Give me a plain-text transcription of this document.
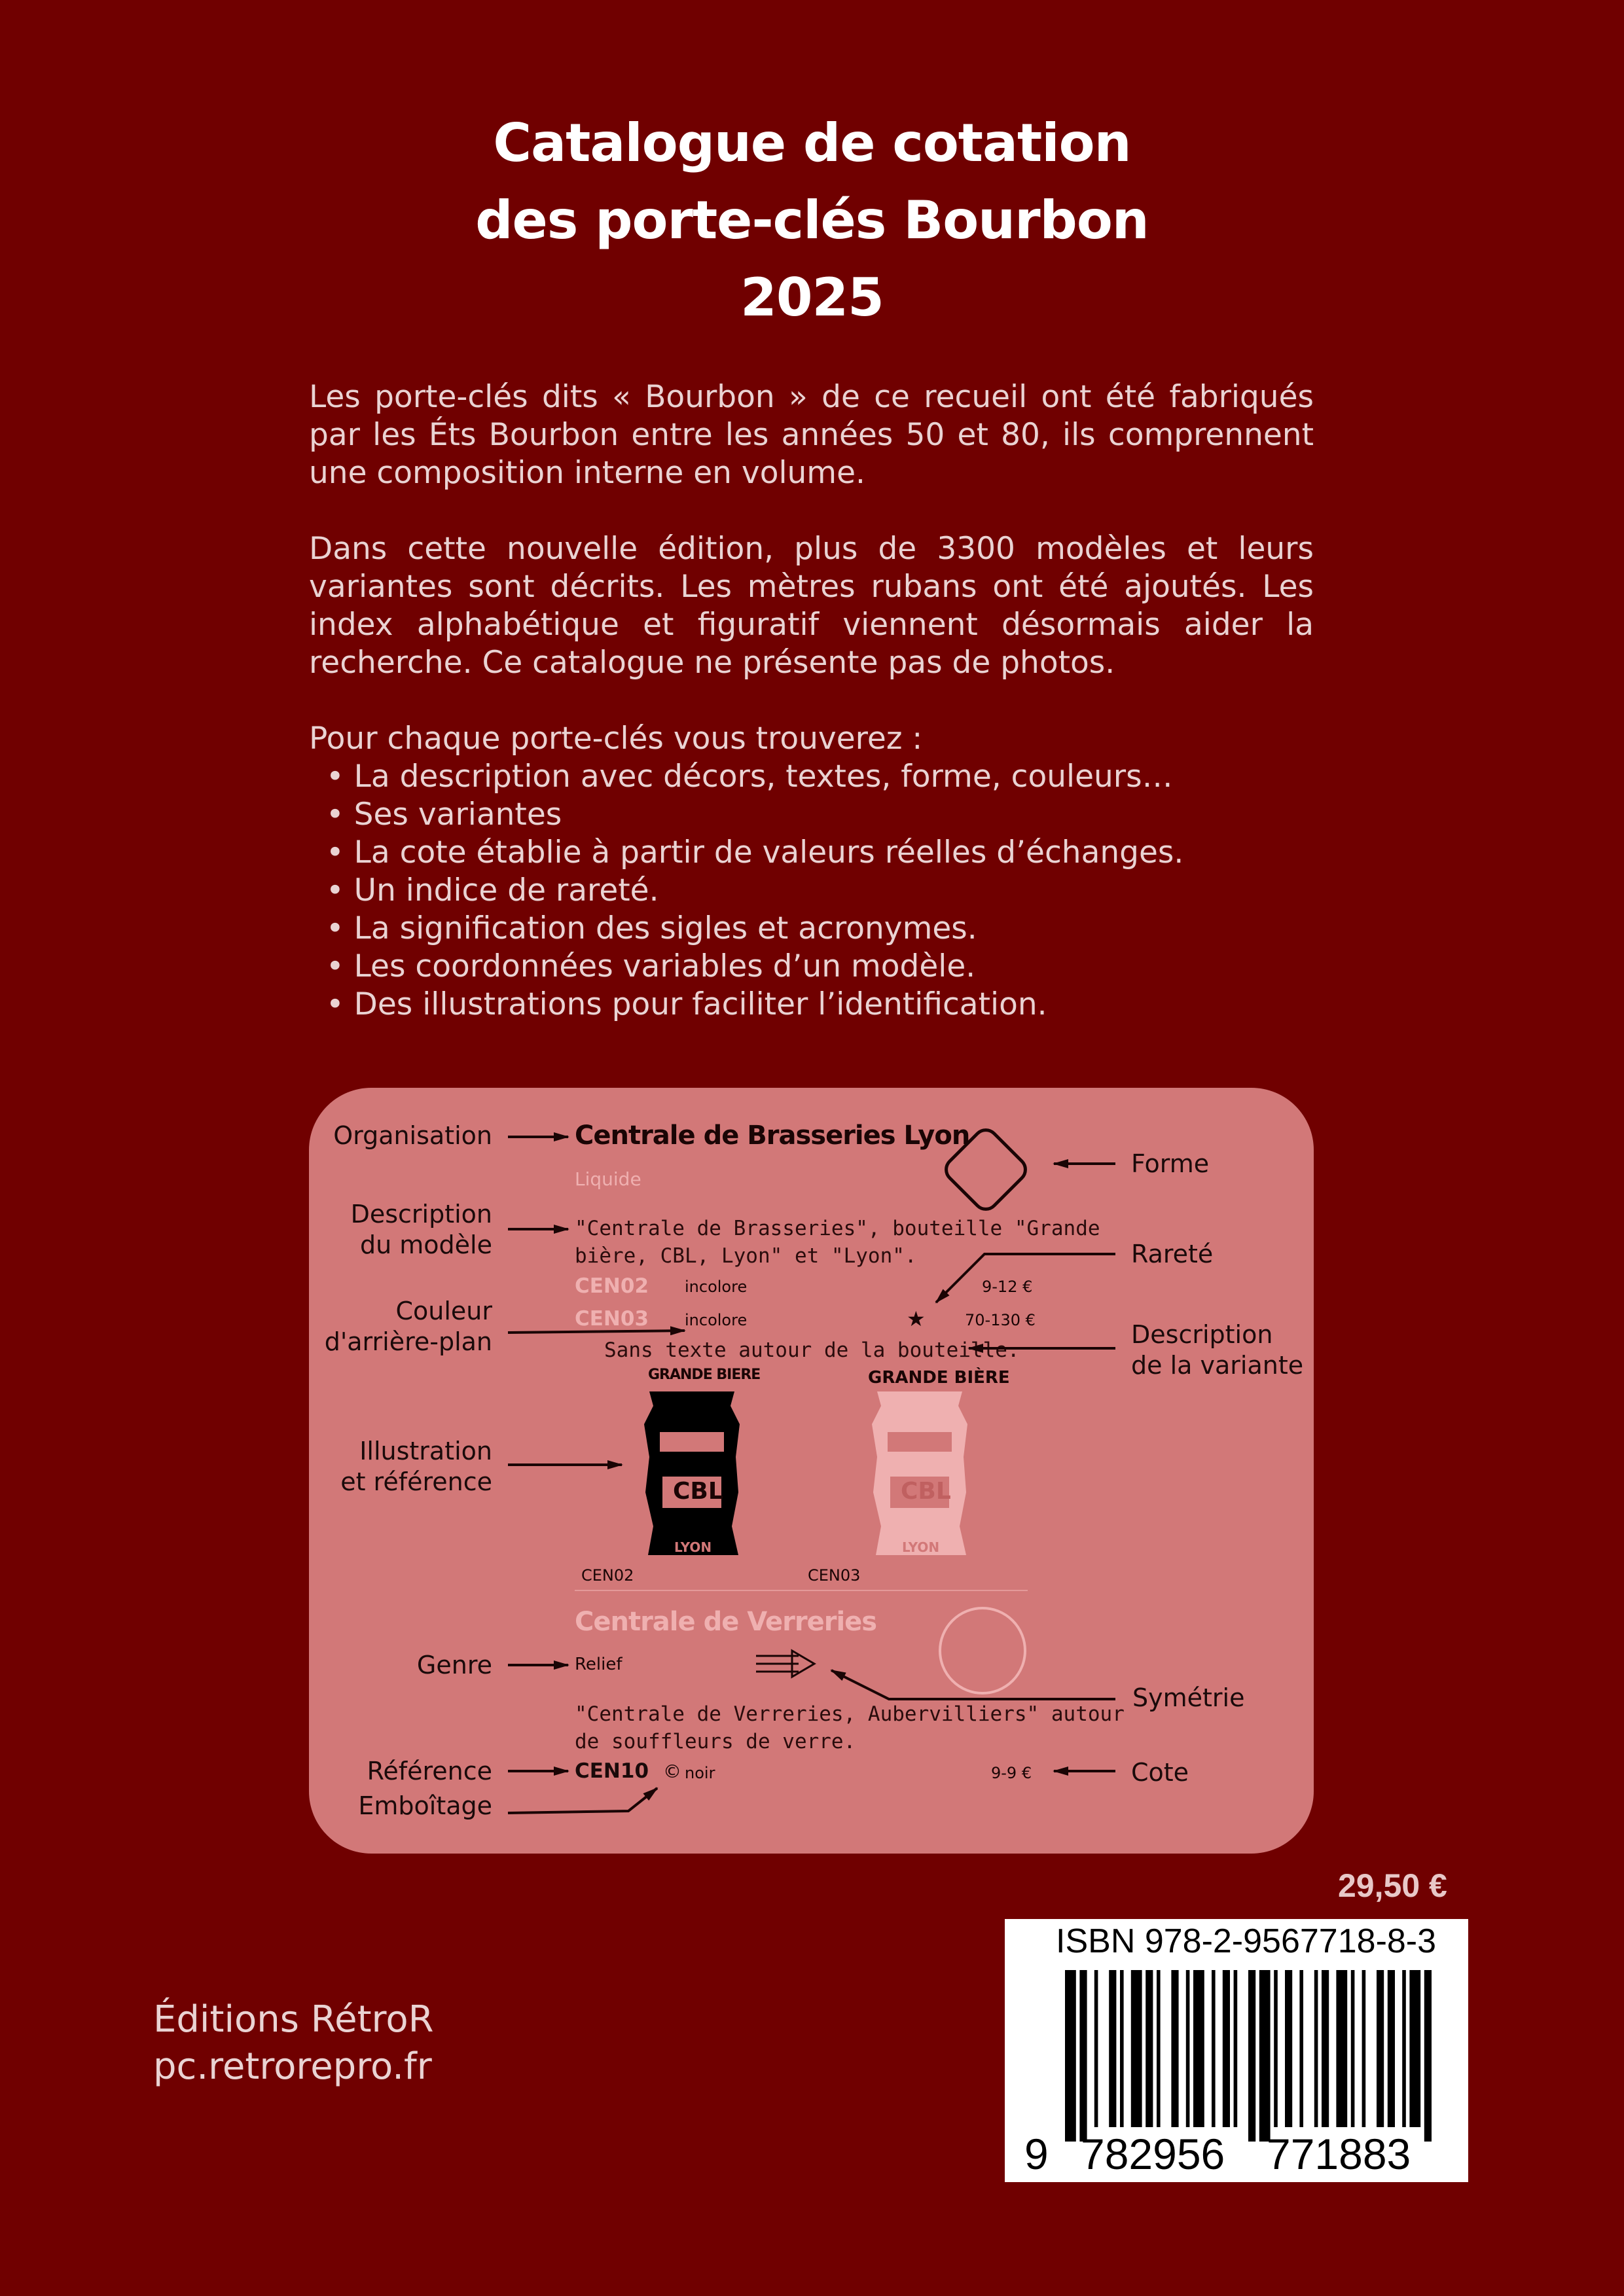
Catalogue de cotation
des porte-clés Bourbon
2025

Les porte-clés dits « Bourbon » de ce recueil ont été fabriqués par les Éts Bourbon entre les années 50 et 80, ils comprennent une composition interne en volume.

Dans cette nouvelle édition, plus de 3300 modèles et leurs variantes sont décrits. Les mètres rubans ont été ajoutés. Les index alphabétique et figuratif viennent désormais aider la recherche. Ce catalogue ne présente pas de photos.

Pour chaque porte-clés vous trouverez :
• La description avec décors, textes, forme, couleurs…
• Ses variantes
• La cote établie à partir de valeurs réelles d’échanges.
• Un indice de rareté.
• La signification des sigles et acronymes.
• Les coordonnées variables d’un modèle.
• Des illustrations pour faciliter l’identification.
Organisation
Description
du modèle
Couleur
d'arrière-plan
Illustration
et référence
Genre
Référence
Emboîtage
Forme
Rareté
Description
de la variante
Symétrie
Cote
Centrale de Brasseries Lyon
Liquide
"Centrale de Brasseries", bouteille "Grande
bière, CBL, Lyon" et "Lyon".
CEN02 incolore	9-12 €
CEN03 incolore	★	70-130 €
Sans texte autour de la bouteille.
CEN02	CEN03
Centrale de Verreries
Relief
"Centrale de Verreries, Aubervilliers" autour
de souffleurs de verre.
CEN10 © noir	9-9 €
GRANDE BIERE
CBL
LYON
GRANDE BIÈRE
CBL
LYON
29,50 €
ISBN 978-2-9567718-8-3
9 782956 771883
Éditions RétroR
pc.retrorepro.fr
